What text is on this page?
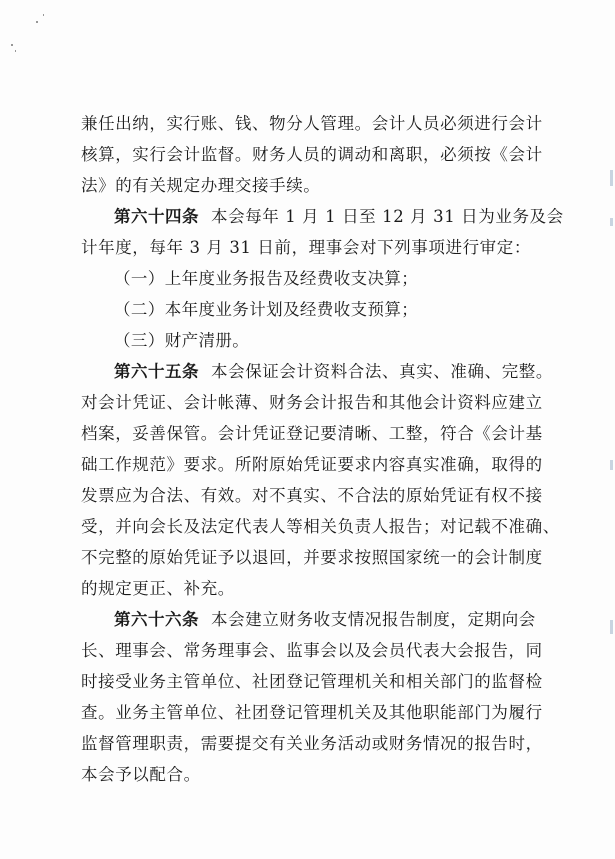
兼任出纳，实行账、钱、物分人管理。会计人员必须进行会计
核算，实行会计监督。财务人员的调动和离职，必须按《会计
法》的有关规定办理交接手续。
第六十四条 本会每年 1 月 1 日至 12 月 31 日为业务及会
计年度，每年 3 月 31 日前，理事会对下列事项进行审定：
（一）上年度业务报告及经费收支决算；
（二）本年度业务计划及经费收支预算；
（三）财产清册。
第六十五条 本会保证会计资料合法、真实、准确、完整。
对会计凭证、会计帐薄、财务会计报告和其他会计资料应建立
档案，妥善保管。会计凭证登记要清晰、工整，符合《会计基
础工作规范》要求。所附原始凭证要求内容真实准确，取得的
发票应为合法、有效。对不真实、不合法的原始凭证有权不接
受，并向会长及法定代表人等相关负责人报告；对记载不准确、
不完整的原始凭证予以退回，并要求按照国家统一的会计制度
的规定更正、补充。
第六十六条 本会建立财务收支情况报告制度，定期向会
长、理事会、常务理事会、监事会以及会员代表大会报告，同
时接受业务主管单位、社团登记管理机关和相关部门的监督检
查。业务主管单位、社团登记管理机关及其他职能部门为履行
监督管理职责，需要提交有关业务活动或财务情况的报告时，
本会予以配合。
